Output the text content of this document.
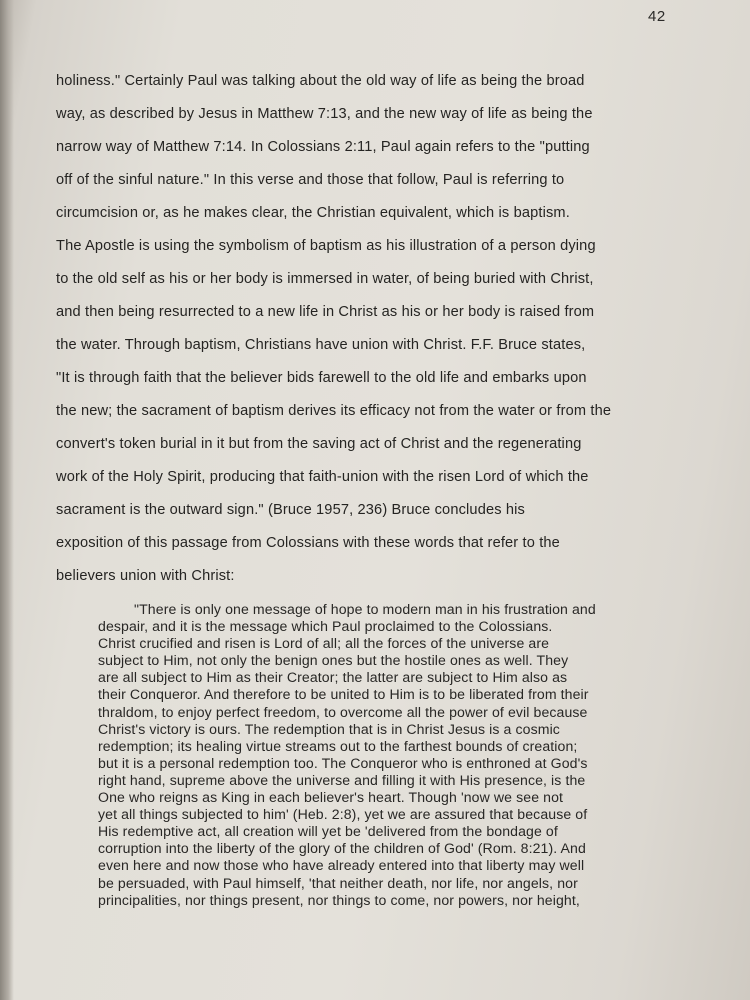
42
holiness." Certainly Paul was talking about the old way of life as being the broad
way, as described by Jesus in Matthew 7:13, and the new way of life as being the
narrow way of Matthew 7:14. In Colossians 2:11, Paul again refers to the "putting
off of the sinful nature." In this verse and those that follow, Paul is referring to
circumcision or, as he makes clear, the Christian equivalent, which is baptism.
The Apostle is using the symbolism of baptism as his illustration of a person dying
to the old self as his or her body is immersed in water, of being buried with Christ,
and then being resurrected to a new life in Christ as his or her body is raised from
the water. Through baptism, Christians have union with Christ. F.F. Bruce states,
"It is through faith that the believer bids farewell to the old life and embarks upon
the new; the sacrament of baptism derives its efficacy not from the water or from the
convert's token burial in it but from the saving act of Christ and the regenerating
work of the Holy Spirit, producing that faith-union with the risen Lord of which the
sacrament is the outward sign." (Bruce 1957, 236) Bruce concludes his
exposition of this passage from Colossians with these words that refer to the
believers union with Christ:
"There is only one message of hope to modern man in his frustration and
despair, and it is the message which Paul proclaimed to the Colossians.
Christ crucified and risen is Lord of all; all the forces of the universe are
subject to Him, not only the benign ones but the hostile ones as well. They
are all subject to Him as their Creator; the latter are subject to Him also as
their Conqueror. And therefore to be united to Him is to be liberated from their
thraldom, to enjoy perfect freedom, to overcome all the power of evil because
Christ's victory is ours. The redemption that is in Christ Jesus is a cosmic
redemption; its healing virtue streams out to the farthest bounds of creation;
but it is a personal redemption too. The Conqueror who is enthroned at God's
right hand, supreme above the universe and filling it with His presence, is the
One who reigns as King in each believer's heart. Though 'now we see not
yet all things subjected to him' (Heb. 2:8), yet we are assured that because of
His redemptive act, all creation will yet be 'delivered from the bondage of
corruption into the liberty of the glory of the children of God' (Rom. 8:21). And
even here and now those who have already entered into that liberty may well
be persuaded, with Paul himself, 'that neither death, nor life, nor angels, nor
principalities, nor things present, nor things to come, nor powers, nor height,
